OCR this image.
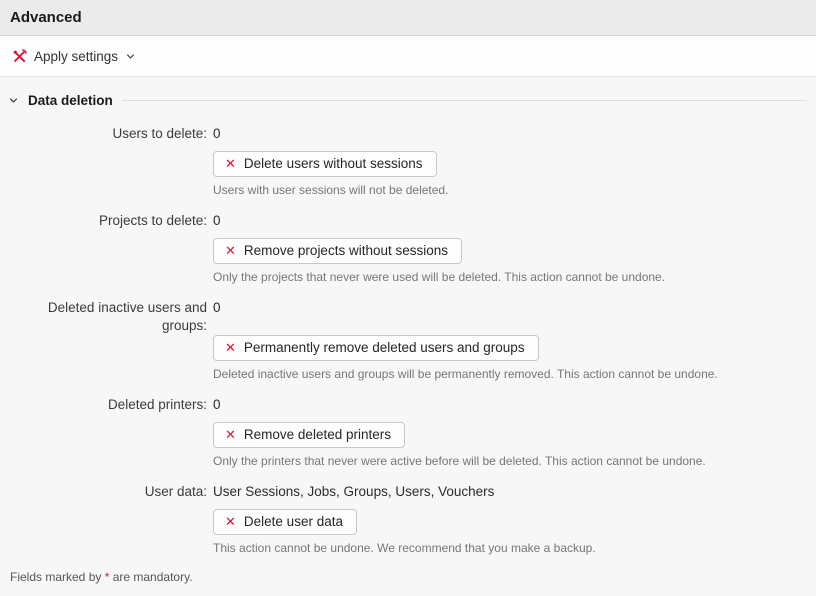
Advanced
Apply settings
Data deletion
Users to delete: 0
✕ Delete users without sessions
Users with user sessions will not be deleted.
Projects to delete: 0
✕ Remove projects without sessions
Only the projects that never were used will be deleted. This action cannot be undone.
Deleted inactive users and groups:
0
✕ Permanently remove deleted users and groups
Deleted inactive users and groups will be permanently removed. This action cannot be undone.
Deleted printers: 0
✕ Remove deleted printers
Only the printers that never were active before will be deleted. This action cannot be undone.
User data: User Sessions, Jobs, Groups, Users, Vouchers
✕ Delete user data
This action cannot be undone. We recommend that you make a backup.
Fields marked by * are mandatory.
